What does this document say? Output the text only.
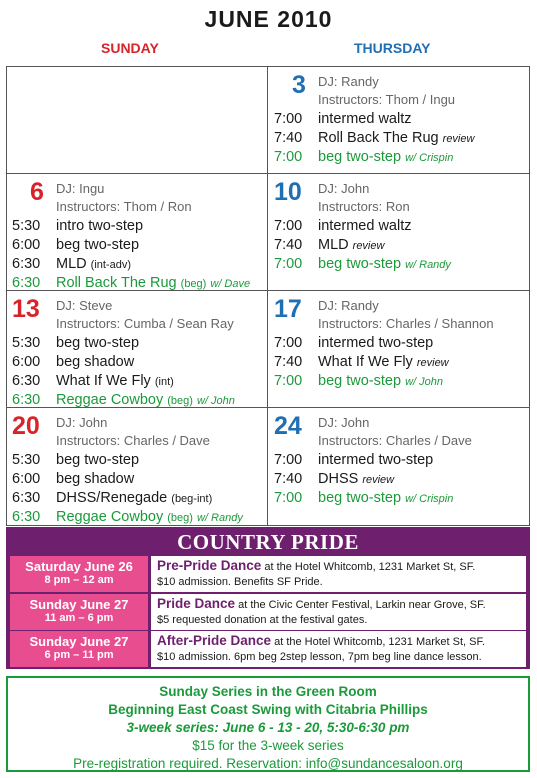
JUNE 2010
SUNDAY	THURSDAY
3 DJ: Randy
Instructors: Thom / Ingu
7:00 intermed waltz
7:40 Roll Back The Rug review
7:00 beg two-step w/ Crispin
6 DJ: Ingu
Instructors: Thom / Ron
5:30 intro two-step
6:00 beg two-step
6:30 MLD (int-adv)
6:30 Roll Back The Rug (beg) w/ Dave
10 DJ: John
Instructors: Ron
7:00 intermed waltz
7:40 MLD review
7:00 beg two-step w/ Randy
13 DJ: Steve
Instructors: Cumba / Sean Ray
5:30 beg two-step
6:00 beg shadow
6:30 What If We Fly (int)
6:30 Reggae Cowboy (beg) w/ John
17 DJ: Randy
Instructors: Charles / Shannon
7:00 intermed two-step
7:40 What If We Fly review
7:00 beg two-step w/ John
20 DJ: John
Instructors: Charles / Dave
5:30 beg two-step
6:00 beg shadow
6:30 DHSS/Renegade (beg-int)
6:30 Reggae Cowboy (beg) w/ Randy
24 DJ: John
Instructors: Charles / Dave
7:00 intermed two-step
7:40 DHSS review
7:00 beg two-step w/ Crispin
COUNTRY PRIDE
Saturday June 26
8 pm – 12 am
Pre-Pride Dance at the Hotel Whitcomb, 1231 Market St, SF.
$10 admission. Benefits SF Pride.
Sunday June 27
11 am – 6 pm
Pride Dance at the Civic Center Festival, Larkin near Grove, SF.
$5 requested donation at the festival gates.
Sunday June 27
6 pm – 11 pm
After-Pride Dance at the Hotel Whitcomb, 1231 Market St, SF.
$10 admission. 6pm beg 2step lesson, 7pm beg line dance lesson.
Sunday Series in the Green Room
Beginning East Coast Swing with Citabria Phillips
3-week series: June 6 - 13 - 20, 5:30-6:30 pm
$15 for the 3-week series
Pre-registration required. Reservation: info@sundancesaloon.org
